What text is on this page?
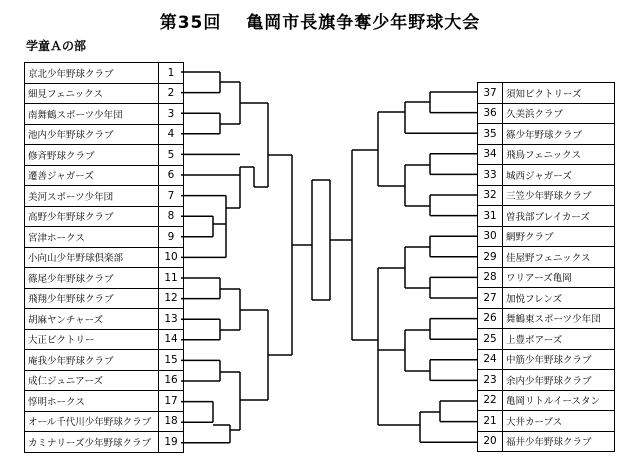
第35回　 亀岡市長旗争奪少年野球大会
学童Ａの部
京北少年野球クラブ	1
細見フェニックス	2
南舞鶴スポーツ少年団	3
池内少年野球クラブ	4
修斉野球クラブ	5
遷善ジャガーズ	6
美河スポーツ少年団	7
高野少年野球クラブ	8
宮津ホークス	9
小向山少年野球倶楽部	10
篠尾少年野球クラブ	11
飛翔少年野球クラブ	12
胡麻ヤンチャーズ	13
大正ビクトリー	14
庵我少年野球クラブ	15
成仁ジュニアーズ	16
惇明ホークス	17
オール千代川少年野球クラブ	18
カミナリーズ少年野球クラブ	19
37	須知ビクトリーズ
36	久美浜クラブ
35	篠少年野球クラブ
34	飛鳥フェニックス
33	城西ジャガーズ
32	三笠少年野球クラブ
31	曽我部ブレイカーズ
30	網野クラブ
29	佳屋野フェニックス
28	ワリアーズ亀岡
27	加悦フレンズ
26	舞鶴東スポーツ少年団
25	上豊ボアーズ
24	中筋少年野球クラブ
23	余内少年野球クラブ
22	亀岡リトルイースタン
21	大井カーブス
20	福井少年野球クラブ
